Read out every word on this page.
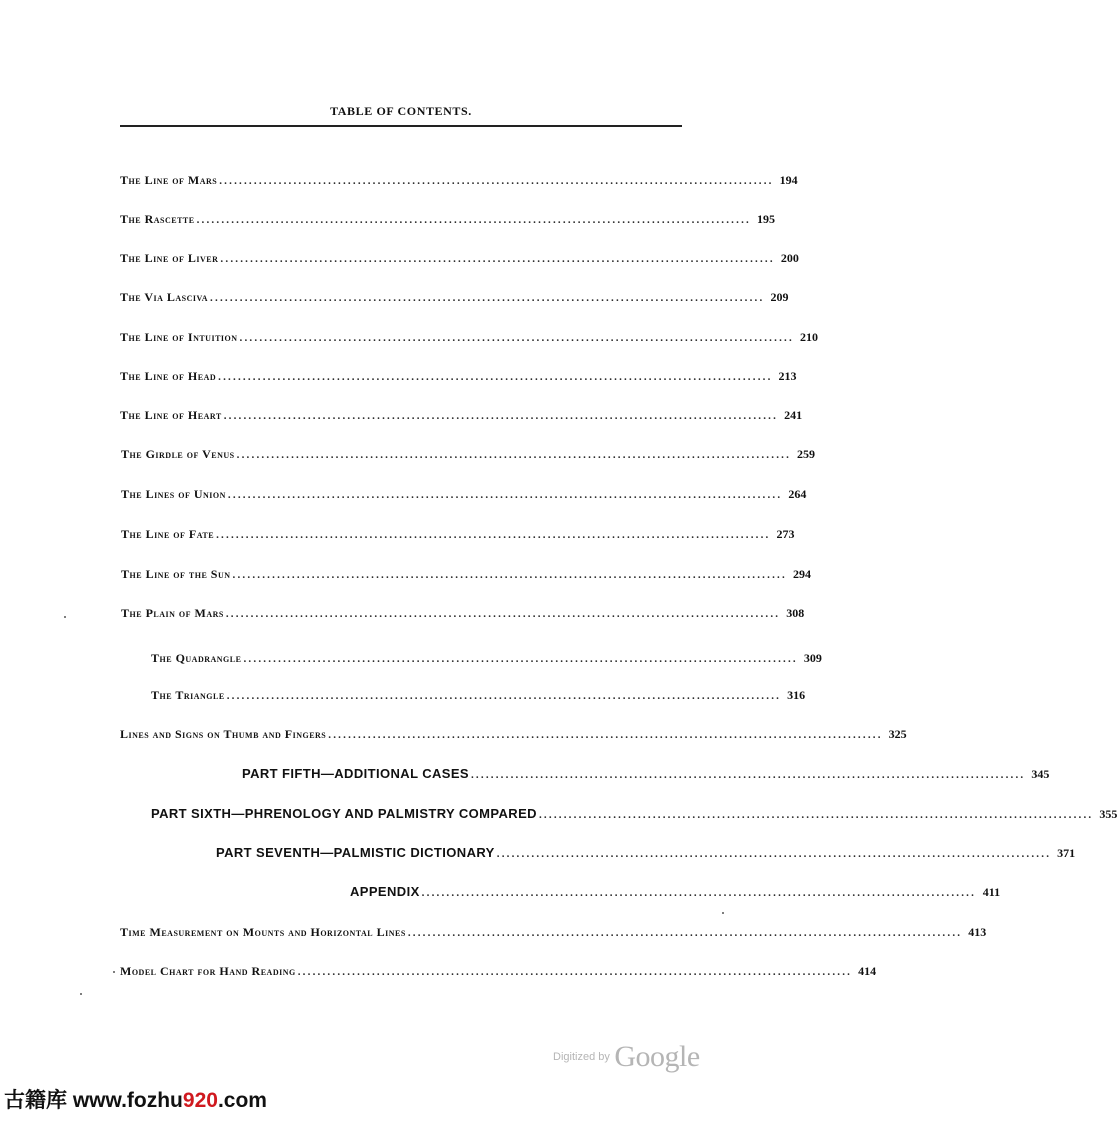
TABLE OF CONTENTS.
The Line of Mars ................................................................................................................ 194
The Rascette ................................................................................................................ 195
The Line of Liver ................................................................................................................ 200
The Via Lasciva ................................................................................................................ 209
The Line of Intuition ................................................................................................................ 210
The Line of Head ................................................................................................................ 213
The Line of Heart ................................................................................................................ 241
The Girdle of Venus ................................................................................................................ 259
The Lines of Union ................................................................................................................ 264
The Line of Fate ................................................................................................................ 273
The Line of the Sun ................................................................................................................ 294
The Plain of Mars ................................................................................................................ 308
The Quadrangle ................................................................................................................ 309
The Triangle ................................................................................................................ 316
Lines and Signs on Thumb and Fingers ................................................................................................................ 325
PART FIFTH—ADDITIONAL CASES ................................................................................................................ 345
PART SIXTH—PHRENOLOGY AND PALMISTRY COMPARED ................................................................................................................ 355
PART SEVENTH—PALMISTIC DICTIONARY ................................................................................................................ 371
APPENDIX ................................................................................................................ 411
Time Measurement on Mounts and Horizontal Lines ................................................................................................................ 413
Model Chart for Hand Reading ................................................................................................................ 414
Digitized by Google
古籍库 www.fozhu920.com
